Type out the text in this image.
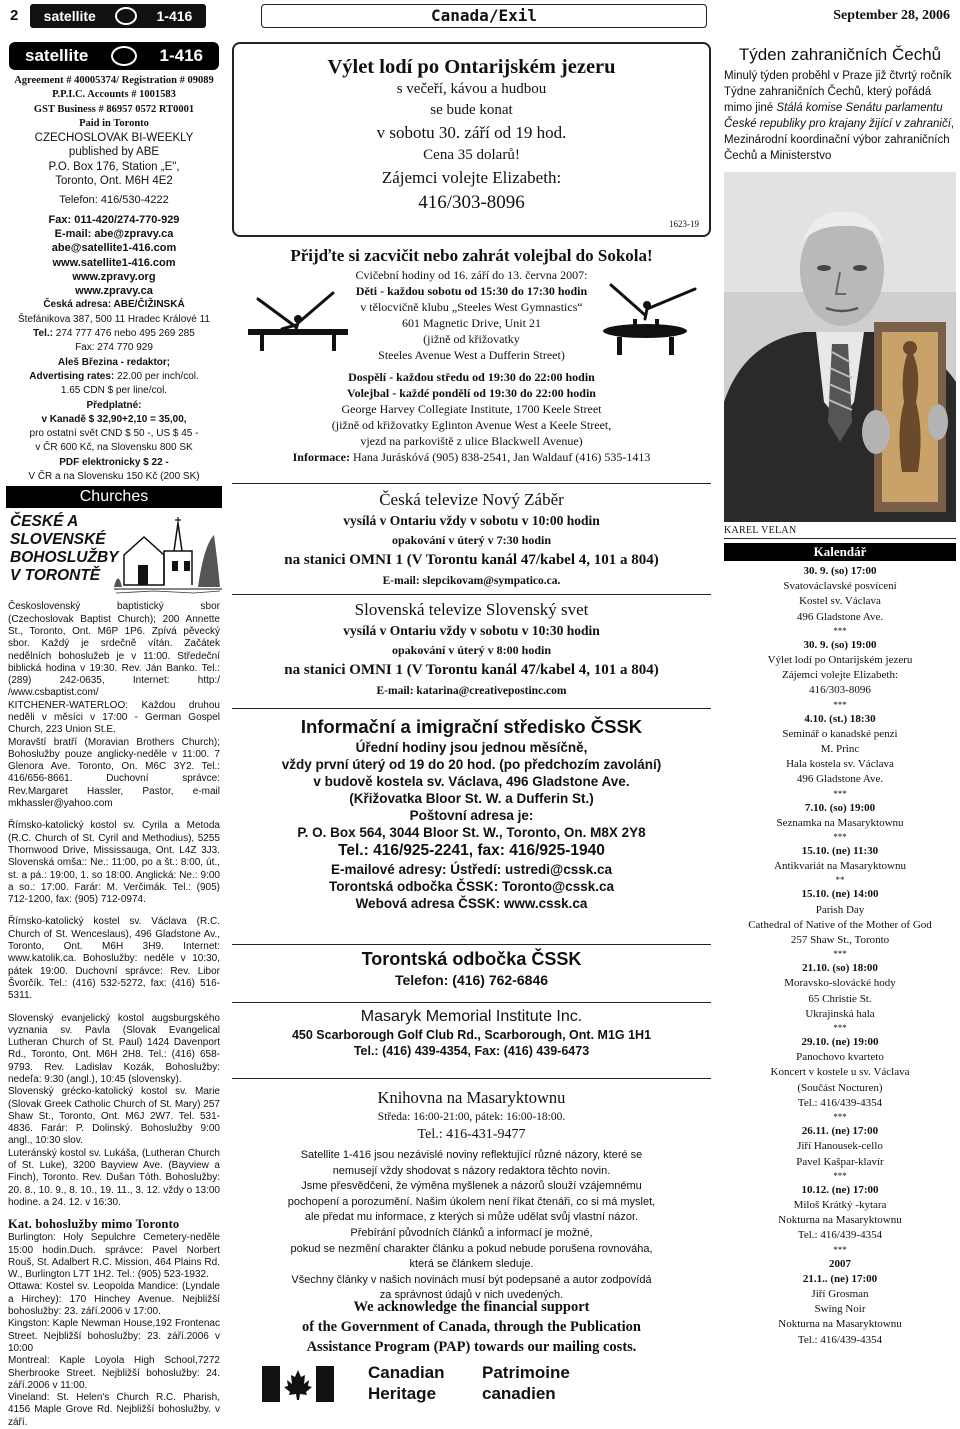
2 satellite	1-416	Canada/Exil	September 28, 2006
satellite	1-416
Agreement # 40005374/ Registration # 09089
P.P.I.C. Accounts # 1001583
GST Business # 86957 0572 RT0001
Paid in Toronto
CZECHOSLOVAK BI-WEEKLY
published by ABE
P.O. Box 176, Station „E",
Toronto, Ont. M6H 4E2
Telefon: 416/530-4222
Fax: 011-420/274-770-929
E-mail: abe@zpravy.ca
abe@satellite1-416.com
www.satellite1-416.com
www.zpravy.org
www.zpravy.ca
Česká adresa: ABE/ČIŽINSKÁ
Štefánikova 387, 500 11 Hradec Králové 11
Tel.: 274 777 476 nebo 495 269 285
Fax: 274 770 929
Aleš Březina - redaktor;
Advertising rates: 22.00 per inch/col.
1.65 CDN $ per line/col.
Předplatné:
v Kanadě $ 32,90+2,10 = 35,00,
pro ostatní svět CND $ 50 -, US $ 45 -
v ČR 600 Kč, na Slovensku 800 SK
PDF elektronicky $ 22 -
V ČR a na Slovensku 150 Kč (200 SK)
Churches
ČESKÉ A SLOVENSKÉ BOHOSLUŽBY V TORONTĚ

Československý baptistický sbor (Czechoslovak Baptist Church); 200 Annette St., Toronto, Ont. M6P 1P6. Zpívá pěvecký sbor. Každý je srdečně vítán. Začátek nedělních bohoslužeb je v 11:00. Středeční biblická hodina v 19:30. Rev. Ján Banko. Tel.: (289) 242-0635, Internet: http:/ /www.csbaptist.com/

KITCHENER-WATERLOO: Každou druhou neděli v měsíci v 17:00 - German Gospel Church, 223 Union St.E.

Moravští bratří (Moravian Brothers Church); Bohoslužby pouze anglicky-neděle v 11:00. 7 Glenora Ave. Toronto, On. M6C 3Y2. Tel.: 416/656-8661. Duchovní správce: Rev.Margaret Hassler, Pastor, e-mail mkhassler@yahoo.com

Římsko-katolický kostol sv. Cyrila a Metoda (R.C. Church of St. Cyril and Methodius), 5255 Thornwood Drive, Mississauga, Ont. L4Z 3J3. Slovenská omša:: Ne.: 11:00, po a št.: 8:00, út., st. a pá.: 19:00, 1. so 18:00. Anglická: Ne.: 9:00 a so.: 17:00. Farár: M. Verčimák. Tel.: (905) 712-1200, fax: (905) 712-0974.

Římsko-katolický kostel sv. Václava (R.C. Church of St. Wenceslaus), 496 Gladstone Av., Toronto, Ont. M6H 3H9. Internet: www.katolik.ca. Bohoslužby: neděle v 10:30, pátek 19:00. Duchovní správce: Rev. Libor Švorčík. Tel.: (416) 532-5272, fax: (416) 516-5311.

Slovenský evanjelický kostol augsburgského vyznania sv. Pavla (Slovak Evangelical Lutheran Church of St. Paul) 1424 Davenport Rd., Toronto, Ont. M6H 2H8. Tel.: (416) 658-9793. Rev. Ladislav Kozák, Bohoslužby: nedeľa: 9:30 (angl.), 10:45 (slovensky).

Slovenský grécko-katolický kostol sv. Marie (Slovak Greek Catholic Church of St. Mary) 257 Shaw St., Toronto, Ont. M6J 2W7. Tel. 531-4836. Farár: P. Dolinský. Bohoslužby 9:00 angl., 10:30 slov.

Luteránský kostol sv. Lukáša, (Lutheran Church of St. Luke), 3200 Bayview Ave. (Bayview a Finch), Toronto. Rev. Dušan Tóth. Bohoslužby: 20. 8., 10. 9., 8. 10., 19. 11., 3. 12. vždy o 13:00 hodine. a 24. 12. v 16:30.

Kat. bohoslužby mimo Toronto

Burlington: Holy Sepulchre Cemetery-neděle 15:00 hodin.Duch. správce: Pavel Norbert Rouš, St. Adalbert R.C. Mission, 464 Plains Rd. W., Burlington L7T 1H2. Tel.: (905) 523-1932.

Ottawa: Kostel sv. Leopolda Mandice: (Lyndale a Hirchey): 170 Hinchey Avenue. Nejbližší bohoslužby: 23. září.2006 v 17:00.

Kingston: Kaple Newman House,192 Frontenac Street. Nejbližší bohoslužby: 23. září.2006 v 10:00

Montreal: Kaple Loyola High School,7272 Sherbrooke Street. Nejbližší bohoslužby: 24. září.2006 v 11:00.

Vineland: St. Helen's Church R.C. Pharish, 4156 Maple Grove Rd. Nejbližší bohoslužby. v září.

Výlet lodí po Ontarijském jezeru
s večeří, kávou a hudbou
se bude konat
v sobotu 30. září od 19 hod.
Cena 35 dolarů!
Zájemci volejte Elizabeth:
416/303-8096
1623-19
Přijďte si zacvičit nebo zahrát volejbal do Sokola!
Cvičební hodiny od 16. září do 13. června 2007:
Děti - každou sobotu od 15:30 do 17:30 hodin
v tělocvičně klubu „Steeles West Gymnastics“
601 Magnetic Drive, Unit 21
(jižně od křižovatky
Steeles Avenue West a Dufferin Street)
Dospělí - každou středu od 19:30 do 22:00 hodin
Volejbal - každé pondělí od 19:30 do 22:00 hodin
George Harvey Collegiate Institute, 1700 Keele Street
(jižně od křižovatky Eglinton Avenue West a Keele Street,
vjezd na parkoviště z ulice Blackwell Avenue)
Informace: Hana Juráskóvá (905) 838-2541, Jan Waldauf (416) 535-1413
Česká televize Nový Záběr
vysílá v Ontariu vždy v sobotu v 10:00 hodin
opakování v úterý v 7:30 hodin
na stanici OMNI 1 (V Torontu kanál 47/kabel 4, 101 a 804)
E-mail: slepcikovam@sympatico.ca.
Slovenská televize Slovenský svet
vysílá v Ontariu vždy v sobotu v 10:30 hodin
opakování v úterý v 8:00 hodin
na stanici OMNI 1 (V Torontu kanál 47/kabel 4, 101 a 804)
E-mail: katarina@creativepostinc.com
Informační a imigrační středisko ČSSK
Úřední hodiny jsou jednou měsíčně,
vždy první úterý od 19 do 20 hod. (po předchozím zavolání)
v budově kostela sv. Václava, 496 Gladstone Ave.
(Křižovatka Bloor St. W. a Dufferin St.)
Poštovní adresa je:
P. O. Box 564, 3044 Bloor St. W., Toronto, On. M8X 2Y8
Tel.: 416/925-2241, fax: 416/925-1940
E-mailové adresy: Ústředí: ustredi@cssk.ca
Torontská odbočka ČSSK: Toronto@cssk.ca
Webová adresa ČSSK: www.cssk.ca
Torontská odbočka ČSSK
Telefon: (416) 762-6846
Masaryk Memorial Institute Inc.
450 Scarborough Golf Club Rd., Scarborough, Ont. M1G 1H1
Tel.: (416) 439-4354, Fax: (416) 439-6473
Knihovna na Masaryktownu
Středa: 16:00-21:00, pátek: 16:00-18:00.
Tel.: 416-431-9477
Satellite 1-416 jsou nezávislé noviny reflektující různé názory, které se
nemusejí vždy shodovat s názory redaktora těchto novin.
Jsme přesvědčeni, že výměna myšlenek a názorů slouží vzájemnému
pochopení a porozumění. Našim úkolem není říkat čtenáři, co si má myslet,
ale předat mu informace, z kterých si může udělat svůj vlastní názor.
Přebírání původních článků a informací je možné,
pokud se nezmění charakter článku a pokud nebude porušena rovnováha,
která se článkem sleduje.
Všechny články v našich novinách musí být podepsané a autor zodpovídá
za správnost údajů v nich uvedených.
We acknowledge the financial support
of the Government of Canada, through the Publication
Assistance Program (PAP) towards our mailing costs.
Canadian
Heritage
Patrimoine
canadien
Týden zahraničních Čechů
Minulý týden proběhl v Praze již čtvrtý ročník Týdne zahraničních Čechů, který pořádá mimo jiné Stálá komise Senátu parlamentu České republiky pro krajany žijící v zahraničí, Mezinárodní koordinační výbor zahraničních Čechů a Ministerstvo
KAREL VELAN
Kalendář
30. 9. (so) 17:00
Svatováclavské posvícení
Kostel sv. Václava
496 Gladstone Ave.
***
30. 9. (so) 19:00
Výlet lodí po Ontarijském jezeru
Zájemci volejte Elizabeth:
416/303-8096
***
4.10. (st.) 18:30
Seminář o kanadské penzi
M. Princ
Hala kostela sv. Václava
496 Gladstone Ave.
***
7.10. (so) 19:00
Seznamka na Masaryktownu
***
15.10. (ne) 11:30
Antikvariát na Masaryktownu
**
15.10. (ne) 14:00
Parish Day
Cathedral of Native of the Mother of God
257 Shaw St., Toronto
***
21.10. (so) 18:00
Moravsko-slovácké hody
65 Christie St.
Ukrajinská hala
***
29.10. (ne) 19:00
Panochovo kvarteto
Koncert v kostele u sv. Václava
(Součást Nocturen)
Tel.: 416/439-4354
***
26.11. (ne) 17:00
Jiří Hanousek-cello
Pavel Kašpar-klavír
***
10.12. (ne) 17:00
Miloš Krátký -kytara
Nokturna na Masaryktownu
Tel.: 416/439-4354
***
2007
21.1.. (ne) 17:00
Jiří Grosman
Swing Noir
Nokturna na Masaryktownu
Tel.: 416/439-4354
